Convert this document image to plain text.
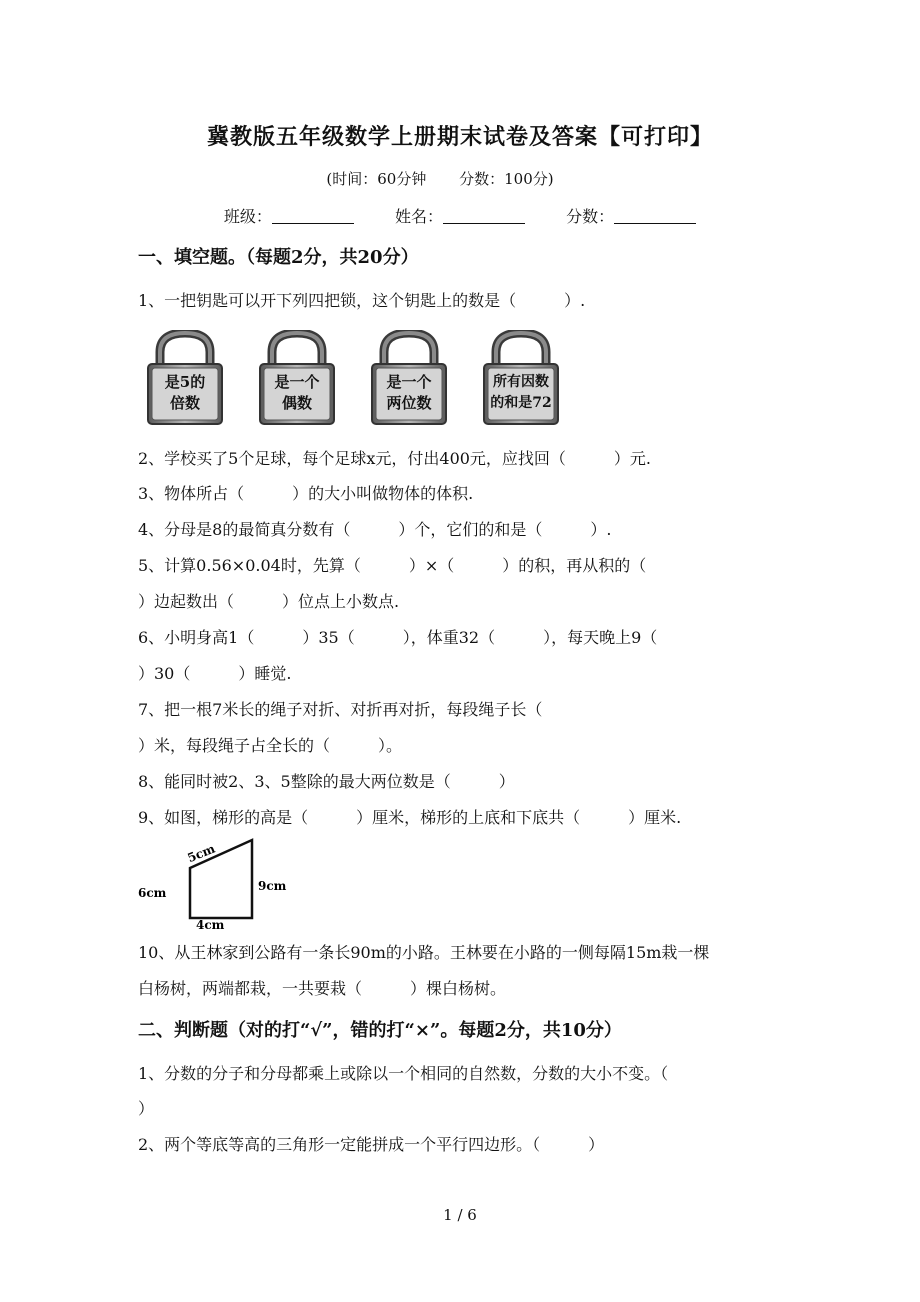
冀教版五年级数学上册期末试卷及答案【可打印】
(时间：60分钟 分数：100分)
班级：	姓名：	分数：
一、填空题。（每题2分，共20分）
1、一把钥匙可以开下列四把锁，这个钥匙上的数是（　　　）.
是5的
倍数
是一个
偶数
是一个
两位数
所有因数
的和是72
2、学校买了5个足球，每个足球x元，付出400元，应找回（　　　）元.
3、物体所占（　　　）的大小叫做物体的体积.
4、分母是8的最简真分数有（　　　）个，它们的和是（　　　）.
5、计算0.56×0.04时，先算（　　　）×（　　　）的积，再从积的（
）边起数出（　　　）位点上小数点.
6、小明身高1（　　　）35（　　　），体重32（　　　），每天晚上9（
）30（　　　）睡觉.
7、把一根7米长的绳子对折、对折再对折，每段绳子长（
）米，每段绳子占全长的（　　　）。
8、能同时被2、3、5整除的最大两位数是（　　　）
9、如图，梯形的高是（　　　）厘米，梯形的上底和下底共（　　　）厘米.
5cm
6cm	9cm
4cm
10、从王林家到公路有一条长90m的小路。王林要在小路的一侧每隔15m栽一棵
白杨树，两端都栽，一共要栽（　　　）棵白杨树。
二、判断题（对的打“√”，错的打“×”。每题2分，共10分）
1、分数的分子和分母都乘上或除以一个相同的自然数，分数的大小不变。（
）
2、两个等底等高的三角形一定能拼成一个平行四边形。（　　　）
1 / 6
